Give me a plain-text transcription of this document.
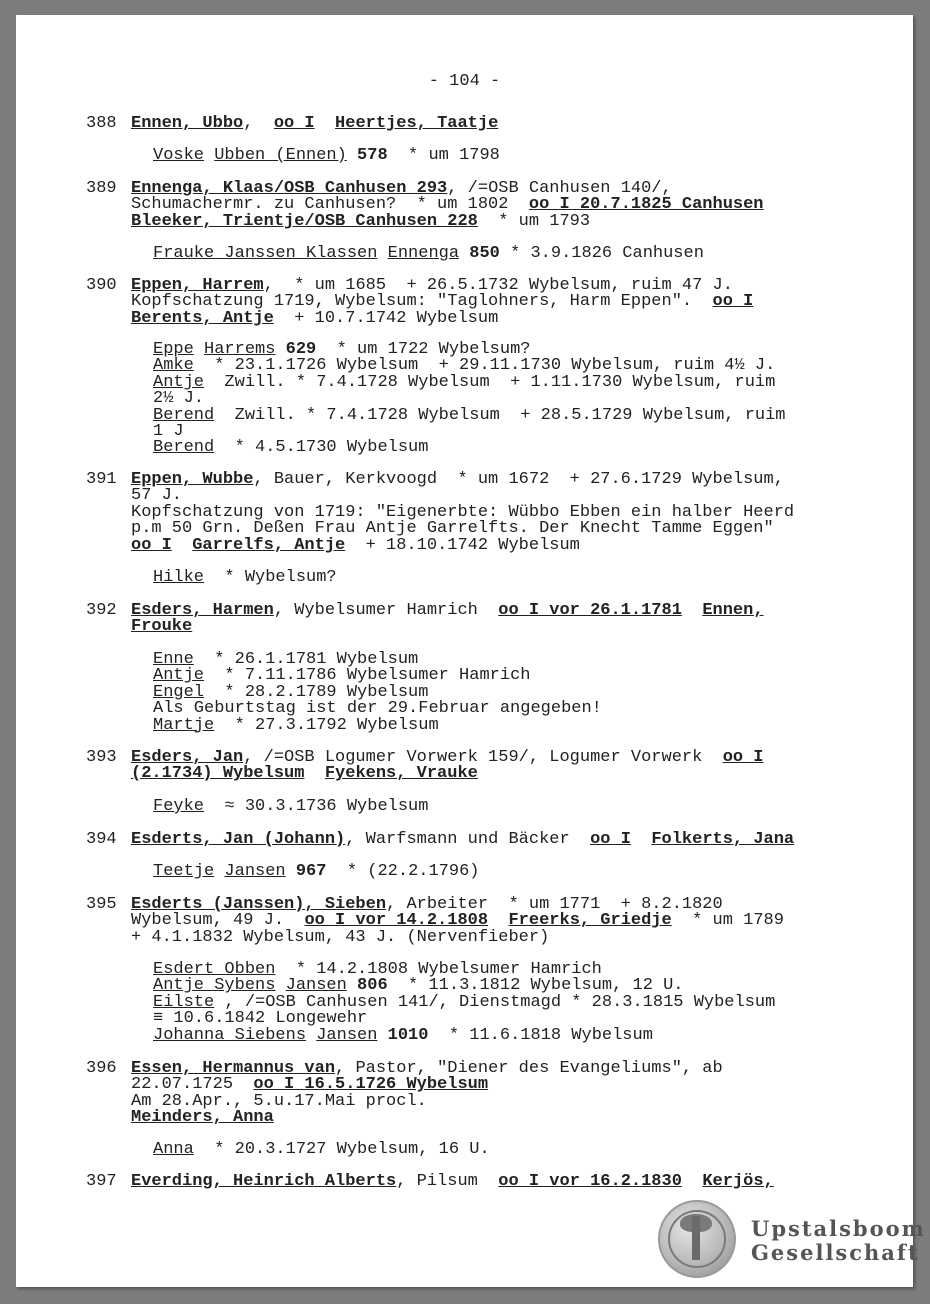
- 104 -
388 Ennen, Ubbo,  oo I Heertjes, Taatje
Voske Ubben (Ennen) 578  * um 1798
389 Ennenga, Klaas/OSB Canhusen 293, /=OSB Canhusen 140/,

Schumachermr. zu Canhusen?  * um 1802  oo I 20.7.1825 Canhusen
Bleeker, Trientje/OSB Canhusen 228  * um 1793
Frauke Janssen Klassen Ennenga 850 * 3.9.1826 Canhusen
390 Eppen, Harrem,  * um 1685  + 26.5.1732 Wybelsum, ruim 47 J.

Kopfschatzung 1719, Wybelsum: "Taglohners, Harm Eppen".  oo I
Berents, Antje  + 10.7.1742 Wybelsum
Eppe Harrems 629  * um 1722 Wybelsum?
Amke  * 23.1.1726 Wybelsum  + 29.11.1730 Wybelsum, ruim 4½ J.
Antje  Zwill. * 7.4.1728 Wybelsum  + 1.11.1730 Wybelsum, ruim
2½ J.
Berend  Zwill. * 7.4.1728 Wybelsum  + 28.5.1729 Wybelsum, ruim
1 J
Berend  * 4.5.1730 Wybelsum
391 Eppen, Wubbe, Bauer, Kerkvoogd  * um 1672  + 27.6.1729 Wybelsum,

57 J.
Kopfschatzung von 1719: "Eigenerbte: Wübbo Ebben ein halber Heerd
p.m 50 Grn. Deßen Frau Antje Garrelfts. Der Knecht Tamme Eggen"
oo I Garrelfs, Antje  + 18.10.1742 Wybelsum
Hilke  * Wybelsum?
392 Esders, Harmen, Wybelsumer Hamrich  oo I vor 26.1.1781 Ennen,

Frouke
Enne  * 26.1.1781 Wybelsum
Antje  * 7.11.1786 Wybelsumer Hamrich
Engel  * 28.2.1789 Wybelsum
Als Geburtstag ist der 29.Februar angegeben!
Martje  * 27.3.1792 Wybelsum
393 Esders, Jan, /=OSB Logumer Vorwerk 159/, Logumer Vorwerk  oo I

(2.1734) Wybelsum Fyekens, Vrauke
Feyke  ≈ 30.3.1736 Wybelsum
394 Esderts, Jan (Johann), Warfsmann und Bäcker  oo I Folkerts, Jana
Teetje Jansen 967  * (22.2.1796)
395 Esderts (Janssen), Sieben, Arbeiter  * um 1771  + 8.2.1820

Wybelsum, 49 J.  oo I vor 14.2.1808 Freerks, Griedje  * um 1789
+ 4.1.1832 Wybelsum, 43 J. (Nervenfieber)
Esdert Obben  * 14.2.1808 Wybelsumer Hamrich
Antje Sybens Jansen 806  * 11.3.1812 Wybelsum, 12 U.
Eilste , /=OSB Canhusen 141/, Dienstmagd * 28.3.1815 Wybelsum
≡ 10.6.1842 Longewehr
Johanna Siebens Jansen 1010  * 11.6.1818 Wybelsum
396 Essen, Hermannus van, Pastor, "Diener des Evangeliums", ab

22.07.1725  oo I 16.5.1726 Wybelsum
Am 28.Apr., 5.u.17.Mai procl.
Meinders, Anna
Anna  * 20.3.1727 Wybelsum, 16 U.
397 Everding, Heinrich Alberts, Pilsum  oo I vor 16.2.1830 Kerjös,
Upstalsboom
Gesellschaft
